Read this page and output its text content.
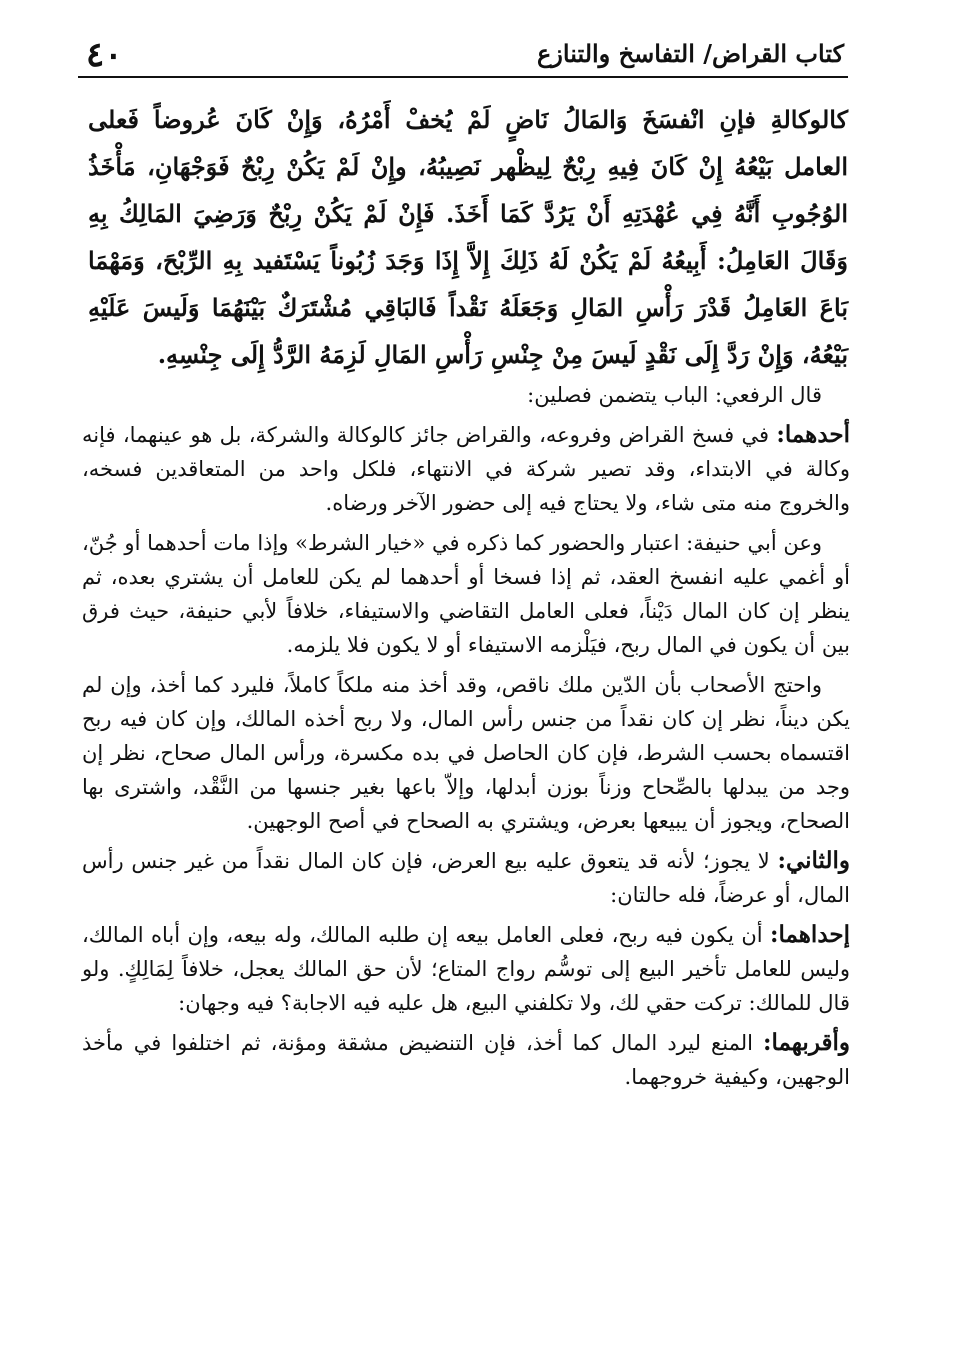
٤٠	كتاب القراض/ التفاسخ والتنازع
كالوكالةِ فإنِ انْفسَخَ وَالمَالُ نَاضٍ لَمْ يُخفْ أَمْرُهُ، وَإِنْ كَانَ عُروضاً فَعلى العامل بَيْعُهُ إِنْ كَانَ فِيهِ رِبْحٌ لِيظْهر نَصِيبُهُ، وإِنْ لَمْ يَكُنْ رِبْحٌ فَوَجْهَانِ، مَأْخَذُ الوُجُوبِ أَنَّهُ فِي عُهْدَتِهِ أَنْ يَرُدَّ كَمَا أَخَذَ. فَإِنْ لَمْ يَكُنْ رِبْحٌ وَرَضِيَ المَالِكُ بِهِ وَقَالَ العَامِلُ: أَبِيعُهُ لَمْ يَكُنْ لَهُ ذَلِكَ إِلاَّ إِذَا وَجَدَ زُبُوناً يَسْتَفيد بِهِ الرِّبْحَ، وَمَهْمَا بَاعَ العَامِلُ قَدْرَ رَأْسِ المَالِ وَجَعَلَهُ نَقْداً فَالبَاقِي مُشْتَرَكٌ بَيْنَهُمَا وَلَيسَ عَلَيْهِ بَيْعُهُ، وَإِنْ رَدَّ إِلَى نَقْدٍ لَيسَ مِنْ جِنْسِ رَأْسِ المَالِ لَزِمَهُ الرَّدُّ إِلَى جِنْسِهِ.

قال الرفعي: الباب يتضمن فصلين:

أحدهما: في فسخ القراض وفروعه، والقراض جائز كالوكالة والشركة، بل هو عينهما، فإنه وكالة في الابتداء، وقد تصير شركة في الانتهاء، فلكل واحد من المتعاقدين فسخه، والخروج منه متى شاء، ولا يحتاج فيه إلى حضور الآخر ورضاه.

وعن أبي حنيفة: اعتبار والحضور كما ذكره في «خيار الشرط» وإذا مات أحدهما أو جُنّ، أو أغمي عليه انفسخ العقد، ثم إذا فسخا أو أحدهما لم يكن للعامل أن يشتري بعده، ثم ينظر إن كان المال دَيْناً، فعلى العامل التقاضي والاستيفاء، خلافاً لأبي حنيفة، حيث فرق بين أن يكون في المال ربح، فيَلْزمه الاستيفاء أو لا يكون فلا يلزمه.

واحتج الأصحاب بأن الدّين ملك ناقص، وقد أخذ منه ملكاً كاملاً، فليرد كما أخذ، وإن لم يكن ديناً، نظر إن كان نقداً من جنس رأس المال، ولا ربح أخذه المالك، وإن كان فيه ربح اقتسماه بحسب الشرط، فإن كان الحاصل في بده مكسرة، ورأس المال صحاح، نظر إن وجد من يبدلها بالصِّحاح وزناً بوزن أبدلها، وإلاّ باعها بغير جنسها من النَّقْد، واشترى بها الصحاح، ويجوز أن يبيعها بعرض، ويشتري به الصحاح في أصح الوجهين.

والثاني: لا يجوز؛ لأنه قد يتعوق عليه بيع العرض، فإن كان المال نقداً من غير جنس رأس المال، أو عرضاً، فله حالتان:

إحداهما: أن يكون فيه ربح، فعلى العامل بيعه إن طلبه المالك، وله بيعه، وإن أباه المالك، وليس للعامل تأخير البيع إلى توسُّم رواج المتاع؛ لأن حق المالك يعجل، خلافاً لِمَالِكٍ. ولو قال للمالك: تركت حقي لك، ولا تكلفني البيع، هل عليه فيه الاجابة؟ فيه وجهان:

وأقربهما: المنع ليرد المال كما أخذ، فإن التنضيض مشقة ومؤنة، ثم اختلفوا في مأخذ الوجهين، وكيفية خروجهما.
